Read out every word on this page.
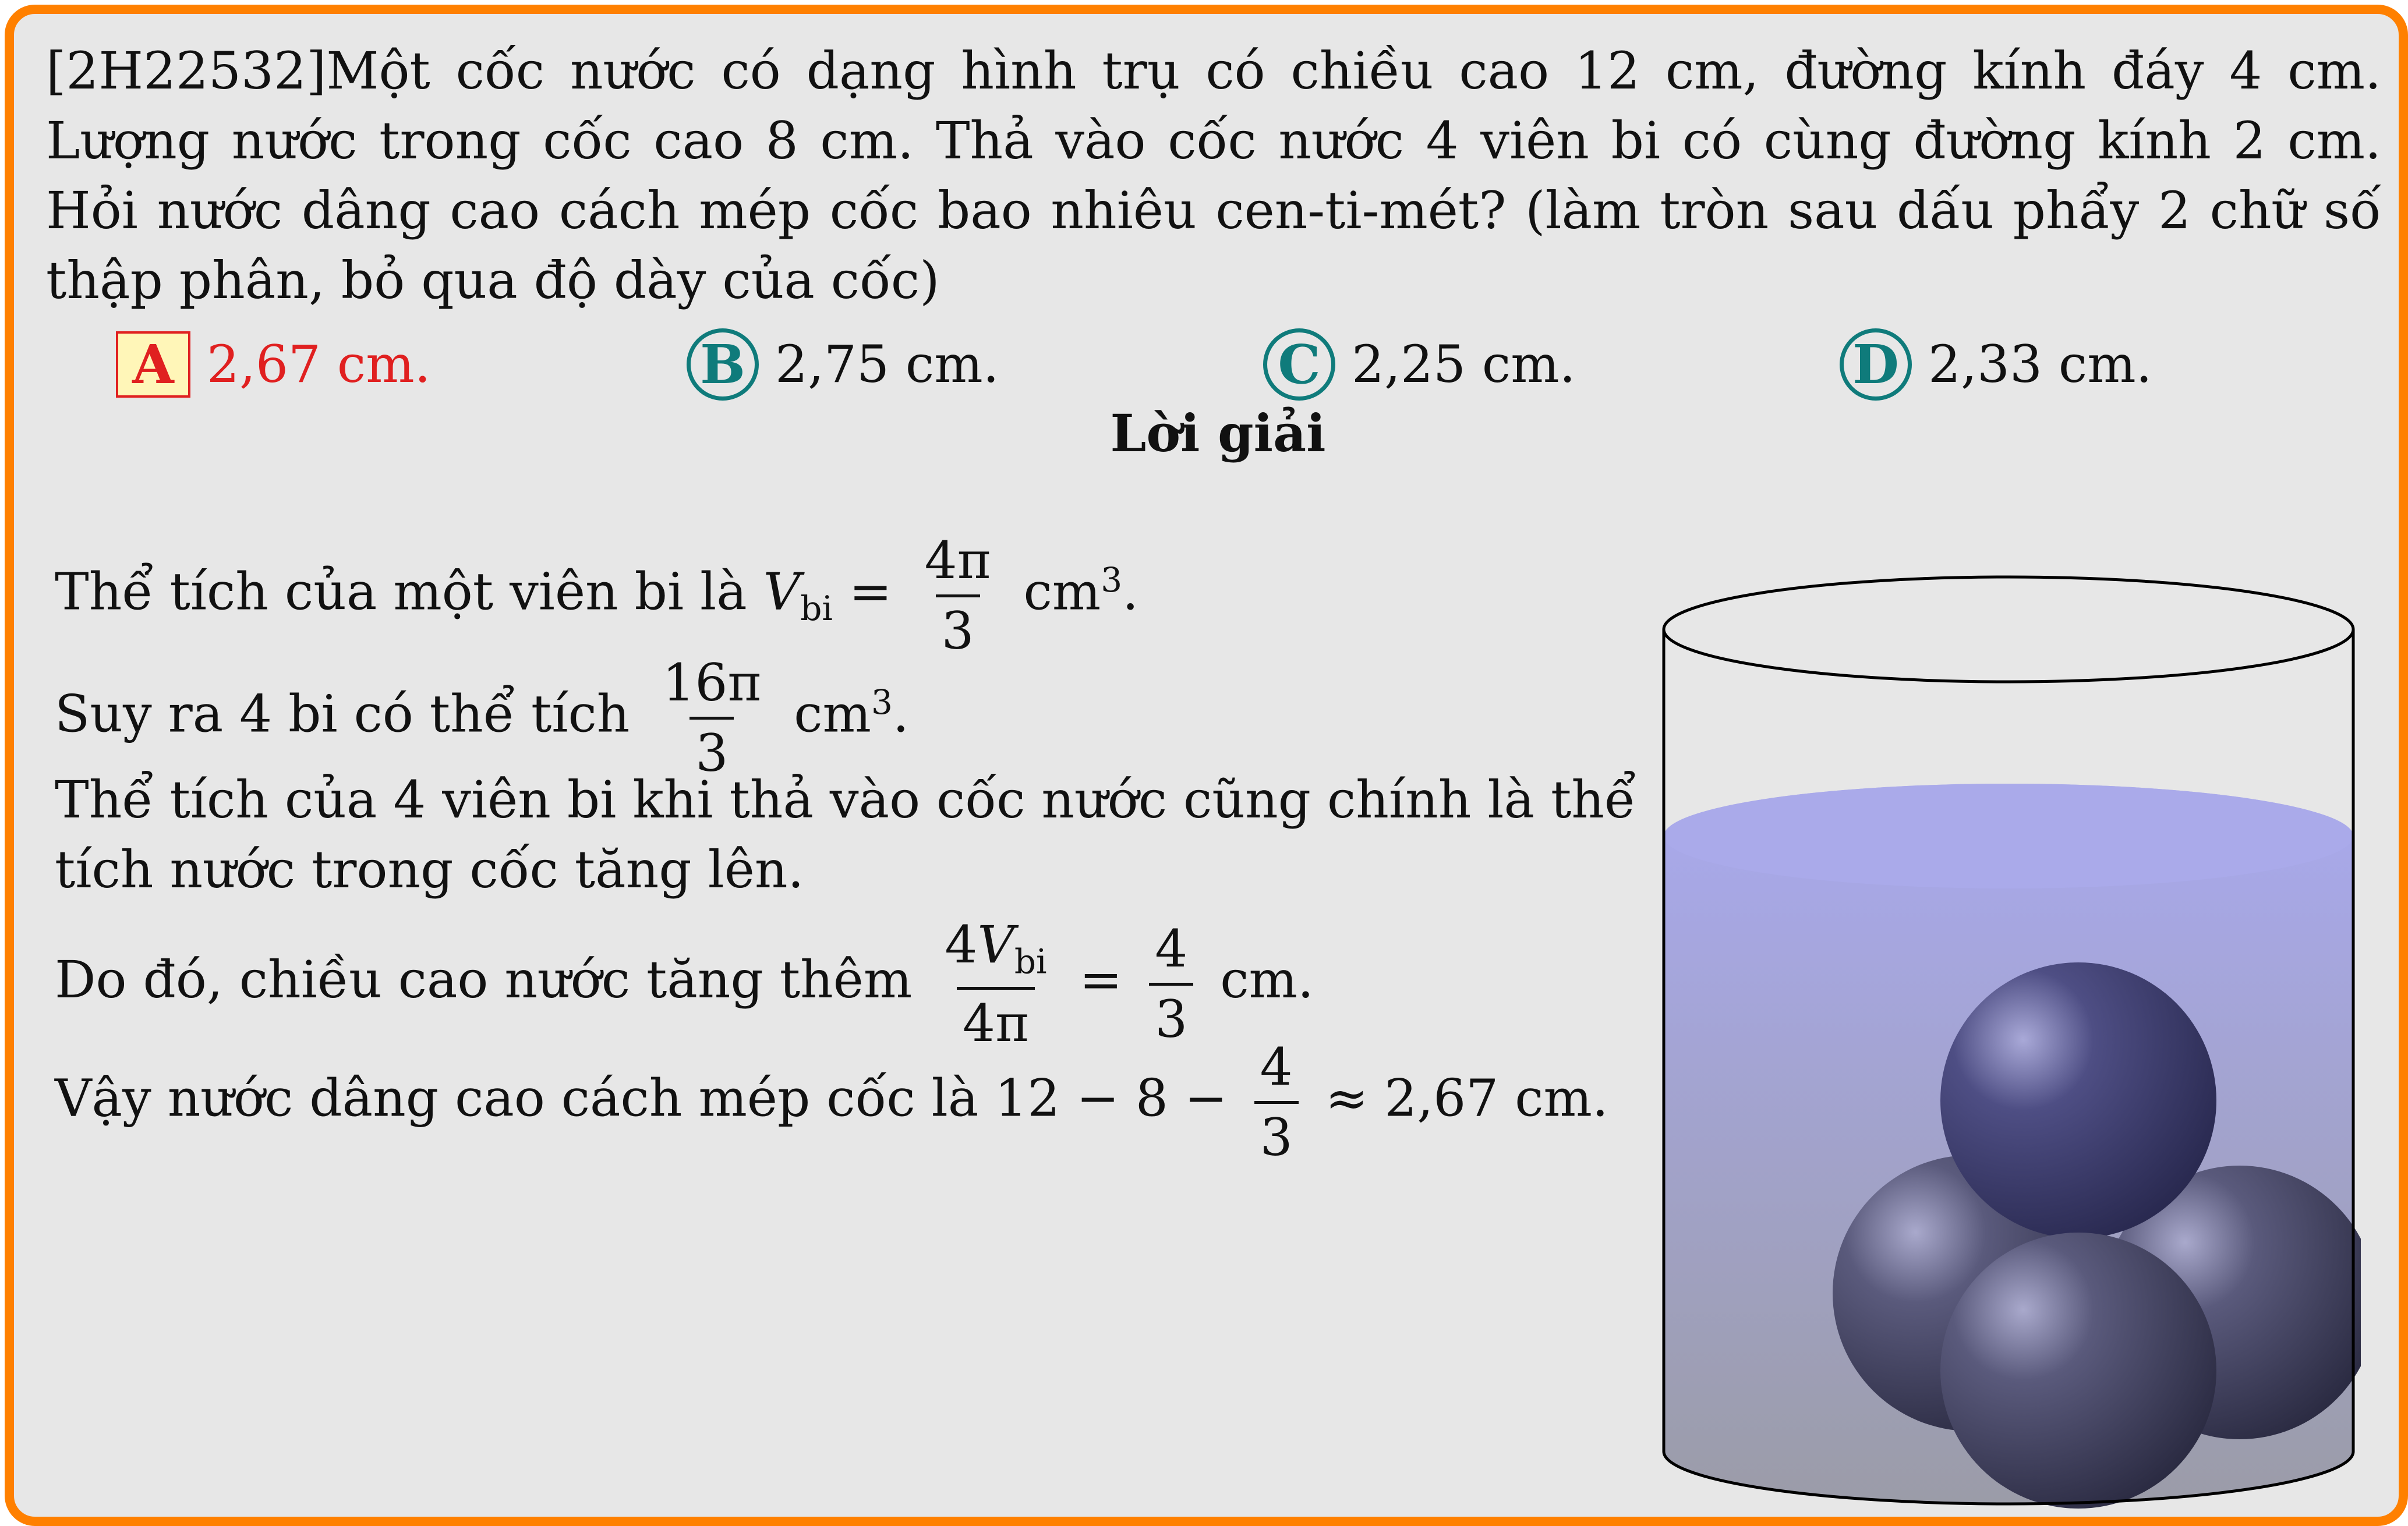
[2H22532]Một cốc nước có dạng hình trụ có chiều cao 12 cm, đường kính đáy 4 cm. Lượng nước trong cốc cao 8 cm. Thả vào cốc nước 4 viên bi có cùng đường kính 2 cm. Hỏi nước dâng cao cách mép cốc bao nhiêu cen-ti-mét? (làm tròn sau dấu phẩy 2 chữ số thập phân, bỏ qua độ dày của cốc)
A 2,67 cm.	B 2,75 cm.	C 2,25 cm.	D 2,33 cm.
Lời giải
Thể tích của một viên bi là $V_{bi} = \frac{4\pi}{3} cm^3$.
Suy ra 4 bi có thể tích $\frac{16\pi}{3} cm^3$.
Thể tích của 4 viên bi khi thả vào cốc nước cũng chính là thể
tích nước trong cốc tăng lên.
Do đó, chiều cao nước tăng thêm $\frac{4V_{bi}}{4\pi} = \frac{4}{3}$ cm.
Vậy nước dâng cao cách mép cốc là $12 - 8 - \frac{4}{3} \approx 2,67$ cm.
